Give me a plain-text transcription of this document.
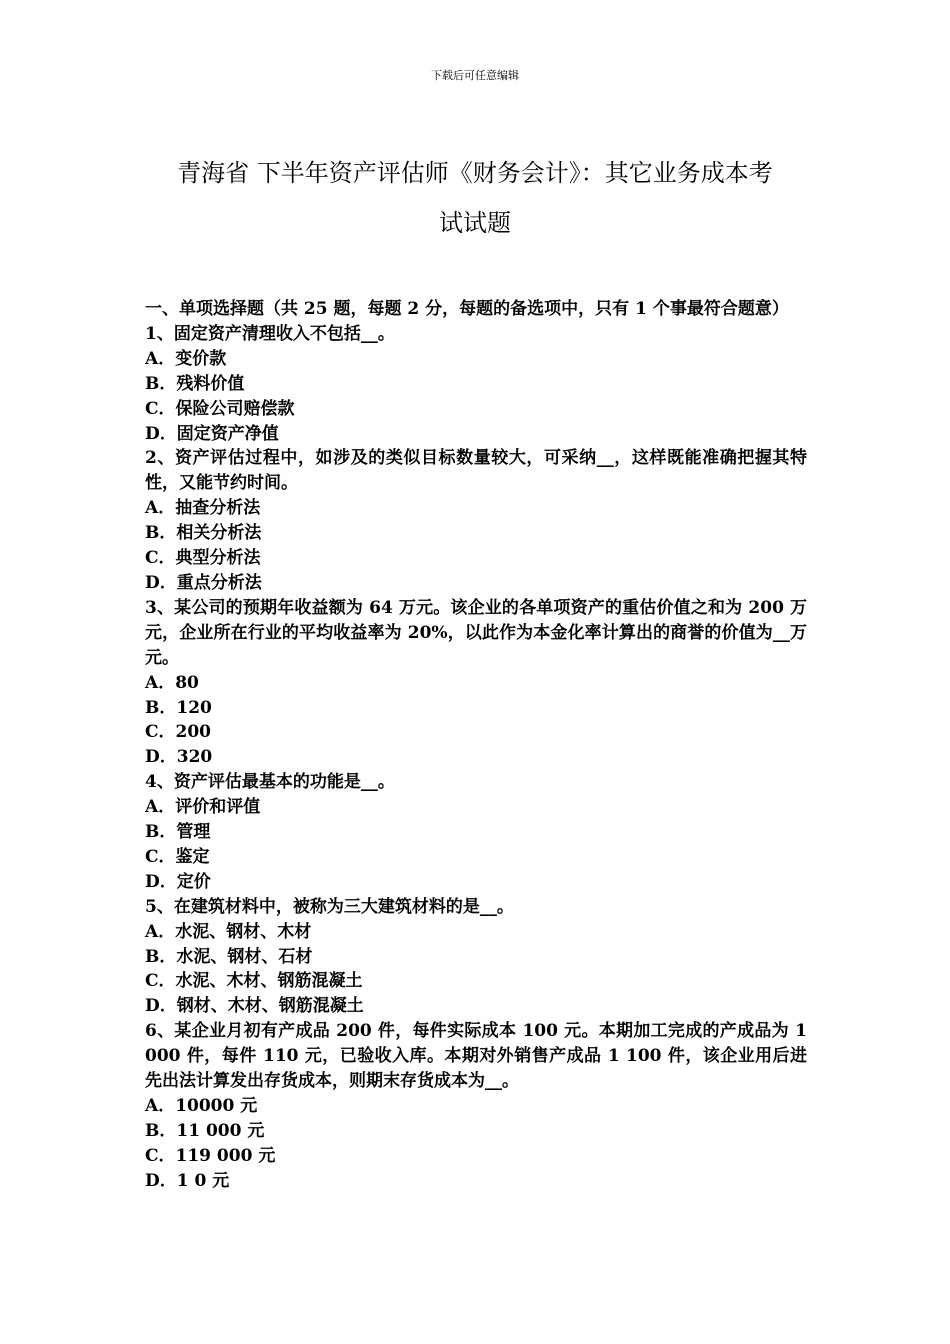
下载后可任意编辑
青海省 下半年资产评估师《财务会计》：其它业务成本考
试试题
一、单项选择题（共 25 题，每题 2 分，每题的备选项中，只有 1 个事最符合题意）
1、固定资产清理收入不包括__。
A．变价款
B．残料价值
C．保险公司赔偿款
D．固定资产净值
2、资产评估过程中，如涉及的类似目标数量较大，可采纳__，这样既能准确把握其特性，又能节约时间。
A．抽查分析法
B．相关分析法
C．典型分析法
D．重点分析法
3、某公司的预期年收益额为 64 万元。该企业的各单项资产的重估价值之和为 200 万元，企业所在行业的平均收益率为 20%，以此作为本金化率计算出的商誉的价值为__万元。
A．80
B．120
C．200
D．320
4、资产评估最基本的功能是__。
A．评价和评值
B．管理
C．鉴定
D．定价
5、在建筑材料中，被称为三大建筑材料的是__。
A．水泥、钢材、木材
B．水泥、钢材、石材
C．水泥、木材、钢筋混凝土
D．钢材、木材、钢筋混凝土
6、某企业月初有产成品 200 件，每件实际成本 100 元。本期加工完成的产成品为 1 000 件，每件 110 元，已验收入库。本期对外销售产成品 1 100 件，该企业用后进先出法计算发出存货成本，则期末存货成本为__。
A．10000 元
B．11 000 元
C．119 000 元
D．1 0 元
